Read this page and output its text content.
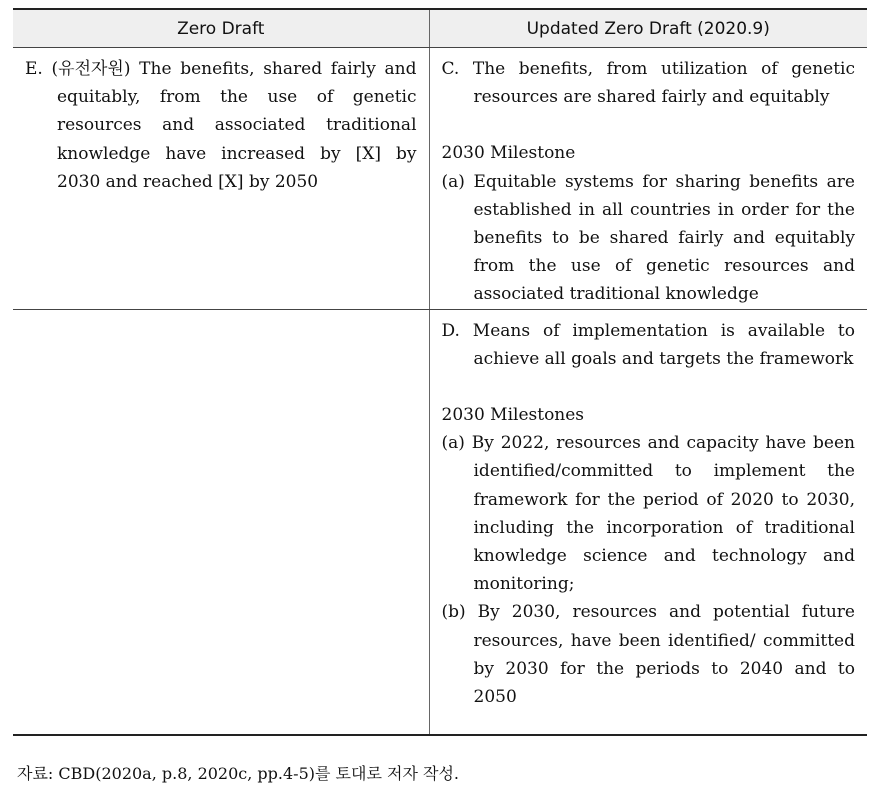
Zero Draft	Updated Zero Draft (2020.9)

E. (유전자원) The benefits, shared fairly and equitably, from the use of genetic resources and associated traditional knowledge have increased by [X] by 2030 and reached [X] by 2050	C. The benefits, from utilization of genetic resources are shared fairly and equitably

2030 Milestone

(a) Equitable systems for sharing benefits are established in all countries in order for the benefits to be shared fairly and equitably from the use of genetic resources and associated traditional knowledge

	D. Means of implementation is available to achieve all goals and targets the framework

2030 Milestones

(a) By 2022, resources and capacity have been identified/committed to implement the framework for the period of 2020 to 2030, including the incorporation of traditional knowledge science and technology and monitoring;

(b) By 2030, resources and potential future resources, have been identified/ committed by 2030 for the periods to 2040 and to 2050

자료: CBD(2020a, p.8, 2020c, pp.4-5)를 토대로 저자 작성.
